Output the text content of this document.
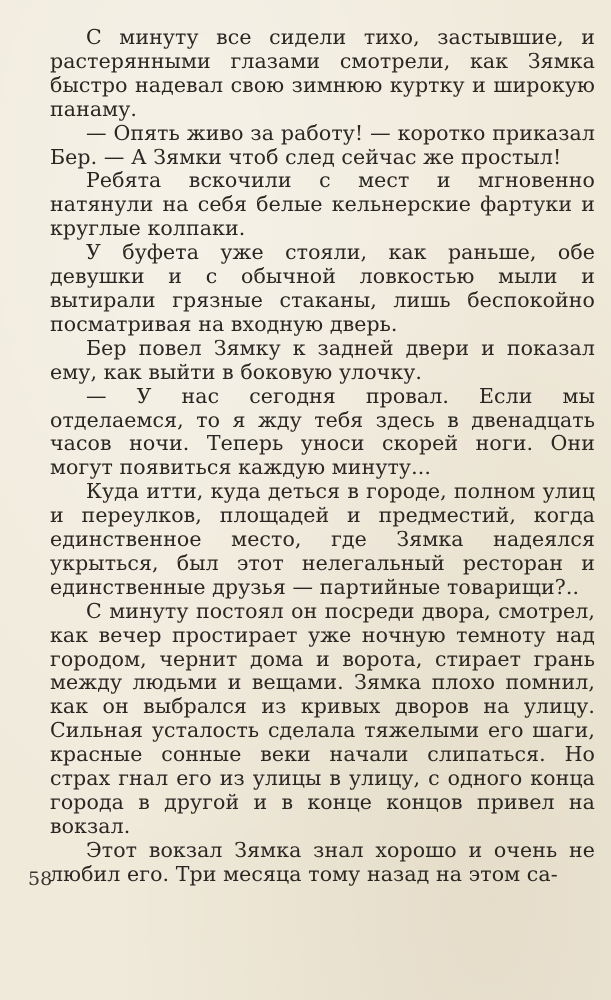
С минуту все сидели тихо, застывшие, и растерянными глазами смотрели, как Зямка быстро надевал свою зимнюю куртку и широкую панаму.

— Опять живо за работу! — коротко приказал Бер. — А Зямки чтоб след сейчас же простыл!

Ребята вскочили с мест и мгновенно натянули на себя белые кельнерские фартуки и круглые колпаки.

У буфета уже стояли, как раньше, обе девушки и с обычной ловкостью мыли и вытирали грязные стаканы, лишь беспокойно посматривая на входную дверь.

Бер повел Зямку к задней двери и показал ему, как выйти в боковую улочку.

— У нас сегодня провал. Если мы отделаемся, то я жду тебя здесь в двенадцать часов ночи. Теперь уноси скорей ноги. Они могут появиться каждую минуту...

Куда итти, куда деться в городе, полном улиц и переулков, площадей и предместий, когда единственное место, где Зямка надеялся укрыться, был этот нелегальный ресторан и единственные друзья — партийные товарищи?..

С минуту постоял он посреди двора, смотрел, как вечер простирает уже ночную темноту над городом, чернит дома и ворота, стирает грань между людьми и вещами. Зямка плохо помнил, как он выбрался из кривых дворов на улицу. Сильная усталость сделала тяжелыми его шаги, красные сонные веки начали слипаться. Но страх гнал его из улицы в улицу, с одного конца города в другой и в конце концов привел на вокзал.

Этот вокзал Зямка знал хорошо и очень не любил его. Три месяца тому назад на этом са-

58
